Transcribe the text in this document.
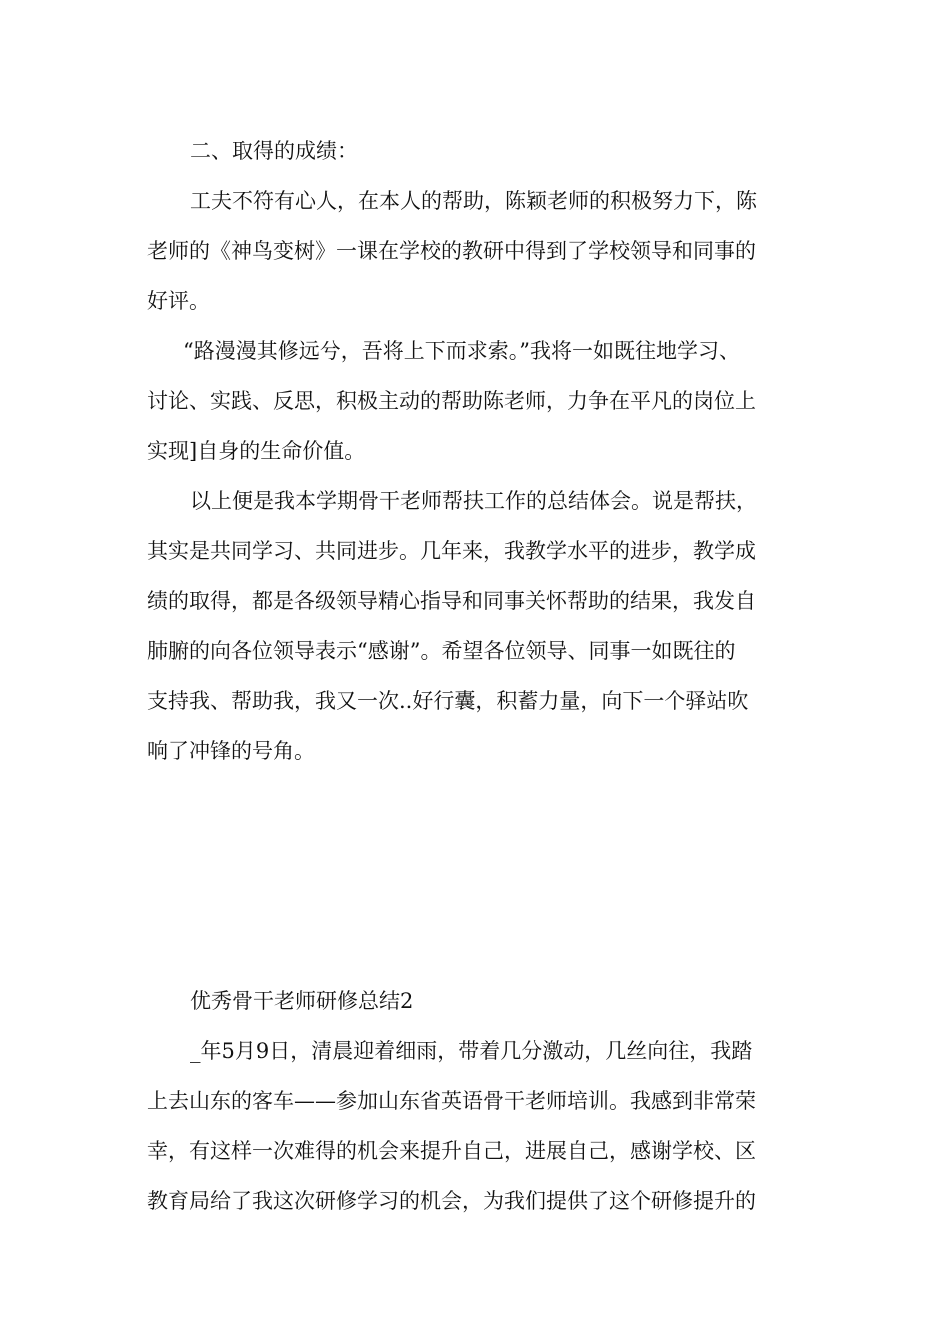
二、取得的成绩：

工夫不符有心人，在本人的帮助，陈颖老师的积极努力下，陈

老师的《神鸟变树》一课在学校的教研中得到了学校领导和同事的

好评。

“路漫漫其修远兮，吾将上下而求索。”我将一如既往地学习、

讨论、实践、反思，积极主动的帮助陈老师，力争在平凡的岗位上

实现]自身的生命价值。

以上便是我本学期骨干老师帮扶工作的总结体会。说是帮扶，

其实是共同学习、共同进步。几年来，我教学水平的进步，教学成

绩的取得，都是各级领导精心指导和同事关怀帮助的结果，我发自

肺腑的向各位领导表示“感谢”。希望各位领导、同事一如既往的

支持我、帮助我，我又一次..好行囊，积蓄力量，向下一个驿站吹

响了冲锋的号角。

优秀骨干老师研修总结2

_年5月9日，清晨迎着细雨，带着几分激动，几丝向往，我踏

上去山东的客车——参加山东省英语骨干老师培训。我感到非常荣

幸，有这样一次难得的机会来提升自己，进展自己，感谢学校、区

教育局给了我这次研修学习的机会，为我们提供了这个研修提升的
